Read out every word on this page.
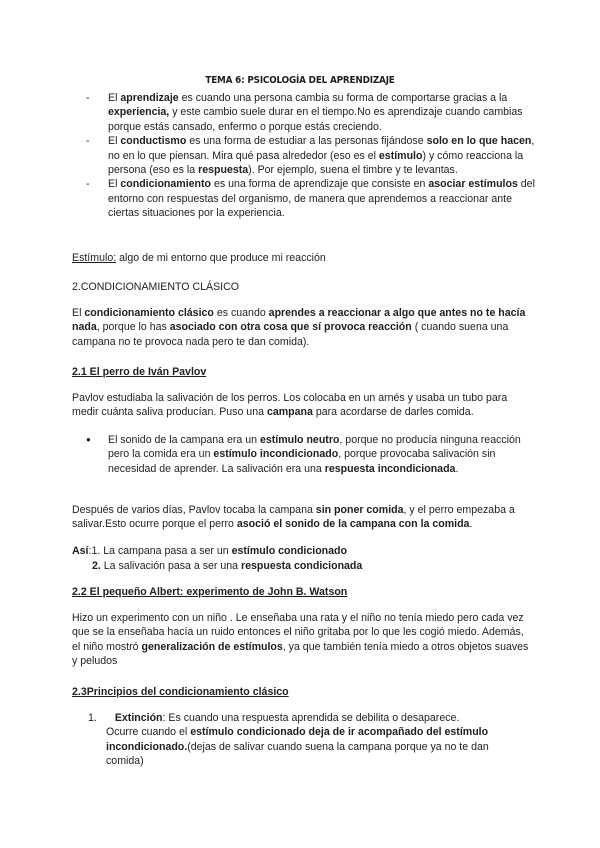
TEMA 6: PSICOLOGÍA DEL APRENDIZAJE
- El aprendizaje es cuando una persona cambia su forma de comportarse gracias a la experiencia, y este cambio suele durar en el tiempo.No es aprendizaje cuando cambias porque estás cansado, enfermo o porque estás creciendo.
- El conductismo es una forma de estudiar a las personas fijándose solo en lo que hacen, no en lo que piensan. Mira qué pasa alrededor (eso es el estímulo) y cómo reacciona la persona (eso es la respuesta). Por ejemplo, suena el timbre y te levantas.
- El condicionamiento es una forma de aprendizaje que consiste en asociar estímulos del entorno con respuestas del organismo, de manera que aprendemos a reaccionar ante ciertas situaciones por la experiencia.

Estímulo: algo de mi entorno que produce mi reacción

2.CONDICIONAMIENTO CLÁSICO

El condicionamiento clásico es cuando aprendes a reaccionar a algo que antes no te hacía nada, porque lo has asociado con otra cosa que sí provoca reacción ( cuando suena una campana no te provoca nada pero te dan comida).

2.1 El perro de Iván Pavlov

Pavlov estudiaba la salivación de los perros. Los colocaba en un arnés y usaba un tubo para medir cuánta saliva producían. Puso una campana para acordarse de darles comida.

● El sonido de la campana era un estímulo neutro, porque no producía ninguna reacción pero la comida era un estímulo incondicionado, porque provocaba salivación sin necesidad de aprender. La salivación era una respuesta incondicionada.

Después de varios días, Pavlov tocaba la campana sin poner comida, y el perro empezaba a salivar.Esto ocurre porque el perro asoció el sonido de la campana con la comida.

Así:1. La campana pasa a ser un estímulo condicionado

2. La salivación pasa a ser una respuesta condicionada

2.2 El pequeño Albert: experimento de John B. Watson

Hizo un experimento con un niño . Le enseñaba una rata y el niño no tenía miedo pero cada vez que se la enseñaba hacía un ruido entonces el niño gritaba por lo que les cogió miedo. Además, el niño mostró generalización de estímulos, ya que también tenía miedo a otros objetos suaves y peludos

2.3Principios del condicionamiento clásico

1. Extinción: Es cuando una respuesta aprendida se debilita o desaparece.
Ocurre cuando el estímulo condicionado deja de ir acompañado del estímulo incondicionado.(dejas de salivar cuando suena la campana porque ya no te dan comida)
